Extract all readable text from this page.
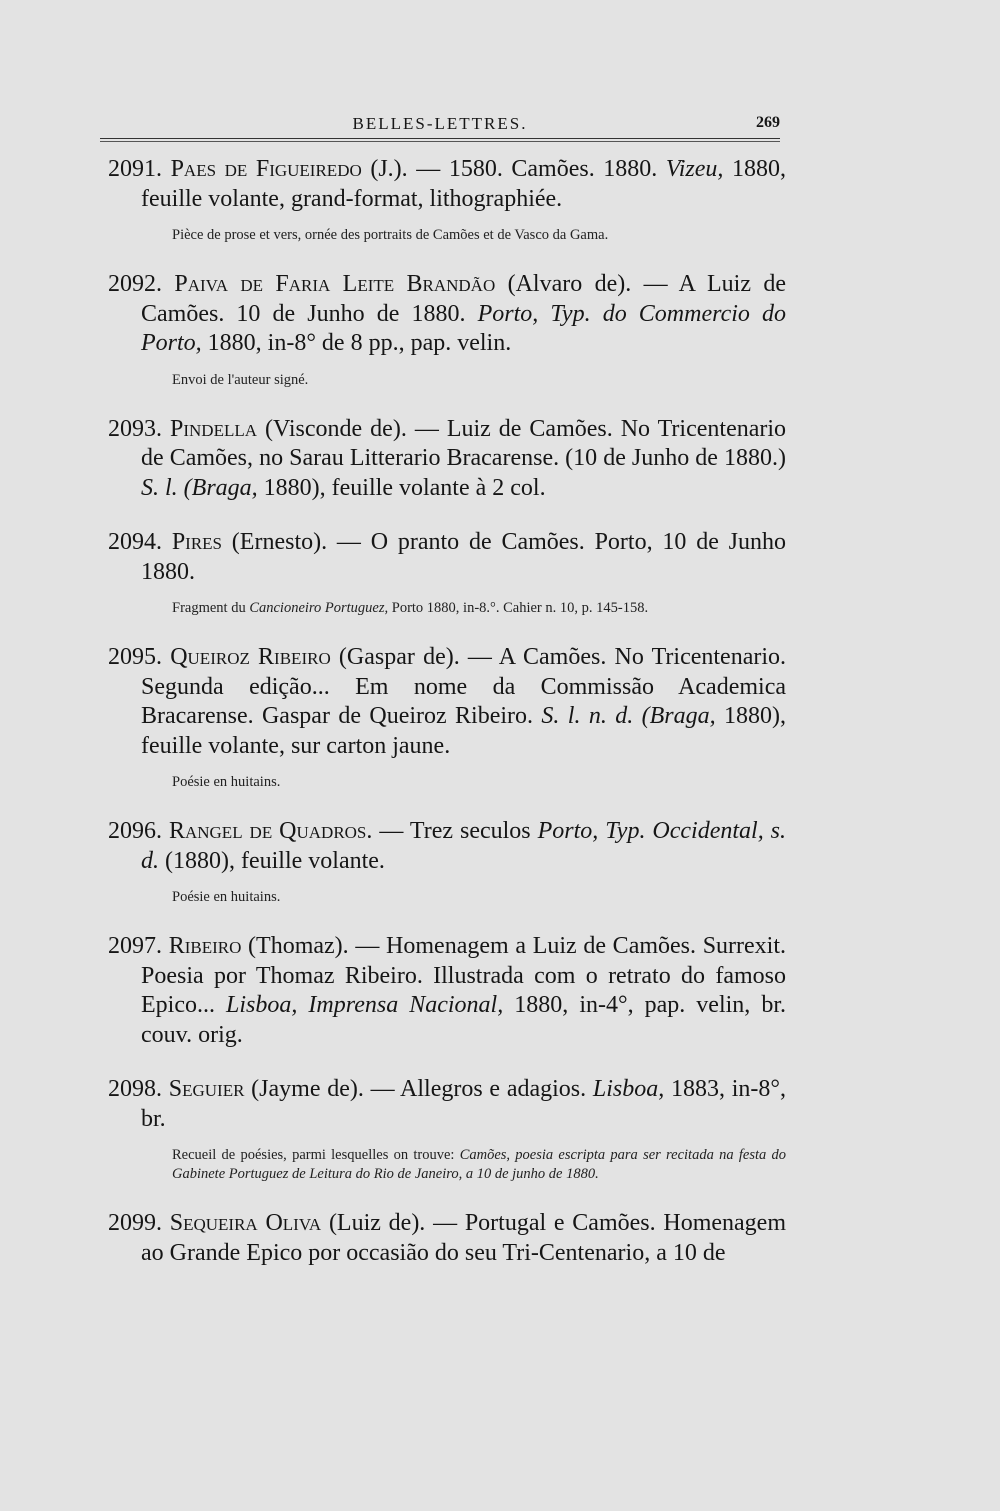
BELLES-LETTRES.	269

2091. Paes de Figueiredo (J.). — 1580. Camões. 1880. Vizeu, 1880, feuille volante, grand-format, lithographiée.

Pièce de prose et vers, ornée des portraits de Camões et de Vasco da Gama.

2092. Paiva de Faria Leite Brandão (Alvaro de). — A Luiz de Camões. 10 de Junho de 1880. Porto, Typ. do Commercio do Porto, 1880, in-8° de 8 pp., pap. velin.

Envoi de l'auteur signé.

2093. Pindella (Visconde de). — Luiz de Camões. No Tricentenario de Camões, no Sarau Litterario Bracarense. (10 de Junho de 1880.) S. l. (Braga, 1880), feuille volante à 2 col.

2094. Pires (Ernesto). — O pranto de Camões. Porto, 10 de Junho 1880.

Fragment du Cancioneiro Portuguez, Porto 1880, in-8.°. Cahier n. 10, p. 145-158.

2095. Queiroz Ribeiro (Gaspar de). — A Camões. No Tricentenario. Segunda edição... Em nome da Commissão Academica Bracarense. Gaspar de Queiroz Ribeiro. S. l. n. d. (Braga, 1880), feuille volante, sur carton jaune.

Poésie en huitains.

2096. Rangel de Quadros. — Trez seculos Porto, Typ. Occidental, s. d. (1880), feuille volante.

Poésie en huitains.

2097. Ribeiro (Thomaz). — Homenagem a Luiz de Camões. Surrexit. Poesia por Thomaz Ribeiro. Illustrada com o retrato do famoso Epico... Lisboa, Imprensa Nacional, 1880, in-4°, pap. velin, br. couv. orig.

2098. Seguier (Jayme de). — Allegros e adagios. Lisboa, 1883, in-8°, br.

Recueil de poésies, parmi lesquelles on trouve: Camões, poesia escripta para ser recitada na festa do Gabinete Portuguez de Leitura do Rio de Janeiro, a 10 de junho de 1880.

2099. Sequeira Oliva (Luiz de). — Portugal e Camões. Homenagem ao Grande Epico por occasião do seu Tri-Centenario, a 10 de
